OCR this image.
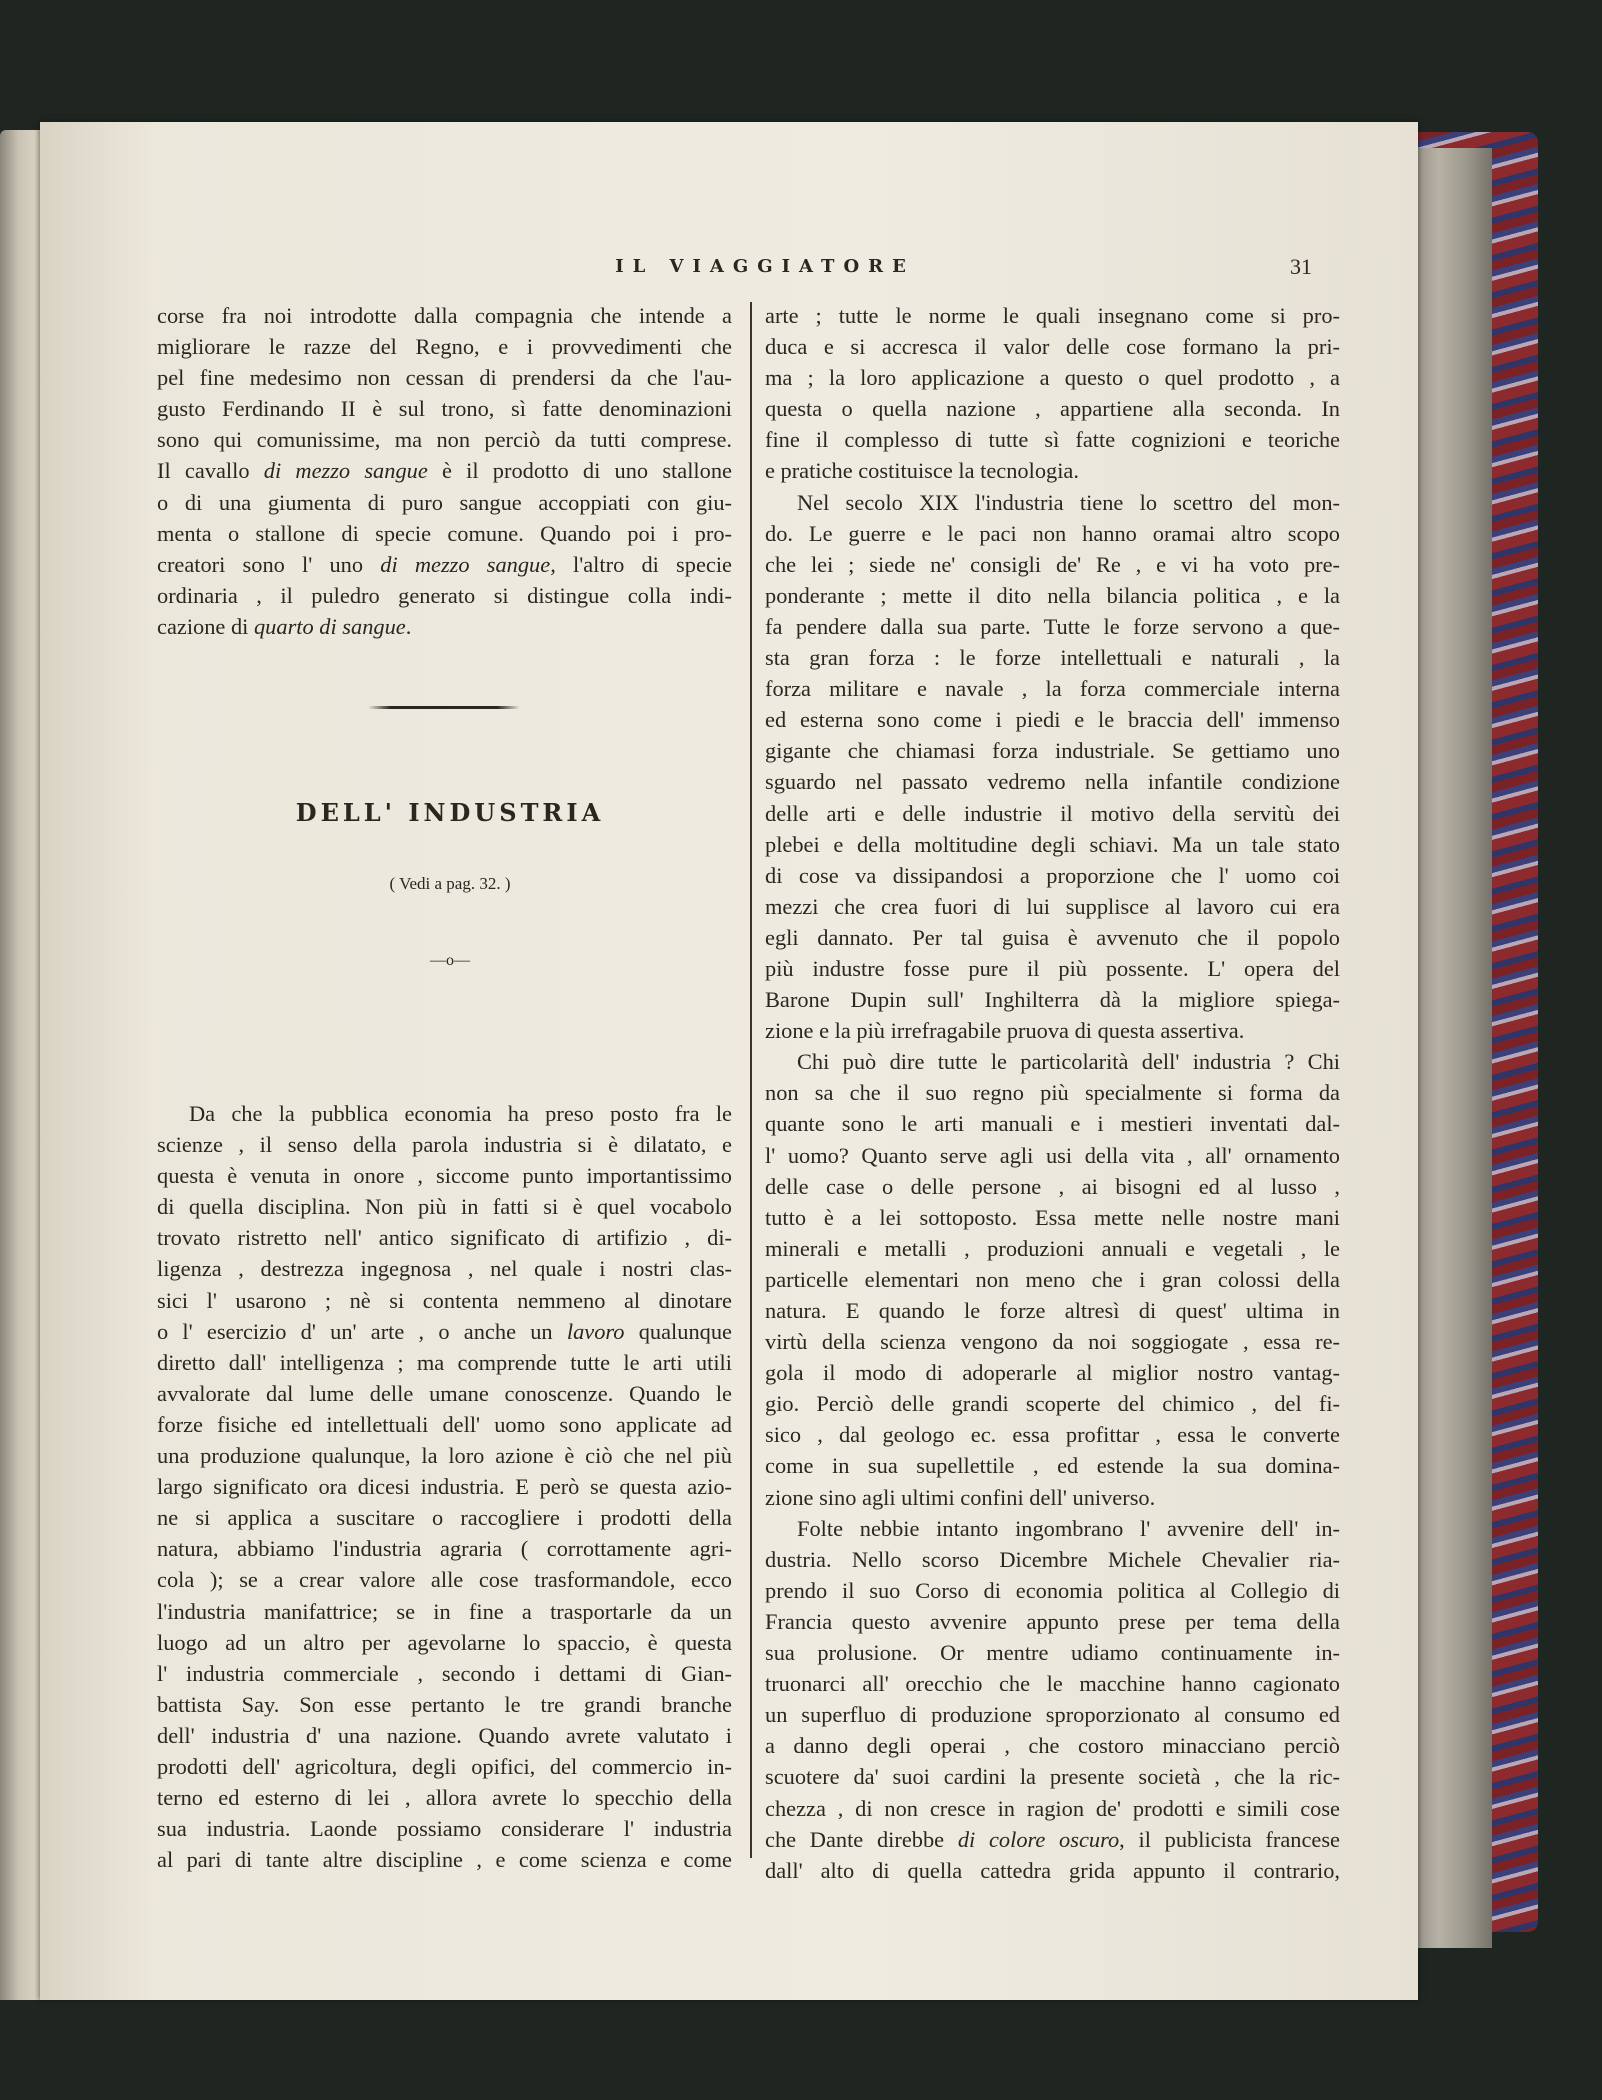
IL VIAGGIATORE	31

corse fra noi introdotte dalla compagnia che intende a
migliorare le razze del Regno, e i provvedimenti che
pel fine medesimo non cessan di prendersi da che l'au-
gusto Ferdinando II è sul trono, sì fatte denominazioni
sono qui comunissime, ma non perciò da tutti comprese.
Il cavallo di mezzo sangue è il prodotto di uno stallone
o di una giumenta di puro sangue accoppiati con giu-
menta o stallone di specie comune. Quando poi i pro-
creatori sono l' uno di mezzo sangue, l'altro di specie
ordinaria , il puledro generato si distingue colla indi-
cazione di quarto di sangue.

DELL' INDUSTRIA
( Vedi a pag. 32. )
—o—

Da che la pubblica economia ha preso posto fra le
scienze , il senso della parola industria si è dilatato, e
questa è venuta in onore , siccome punto importantissimo
di quella disciplina. Non più in fatti si è quel vocabolo
trovato ristretto nell' antico significato di artifizio , di-
ligenza , destrezza ingegnosa , nel quale i nostri clas-
sici l' usarono ; nè si contenta nemmeno al dinotare
o l' esercizio d' un' arte , o anche un lavoro qualunque
diretto dall' intelligenza ; ma comprende tutte le arti utili
avvalorate dal lume delle umane conoscenze. Quando le
forze fisiche ed intellettuali dell' uomo sono applicate ad
una produzione qualunque, la loro azione è ciò che nel più
largo significato ora dicesi industria. E però se questa azio-
ne si applica a suscitare o raccogliere i prodotti della
natura, abbiamo l'industria agraria ( corrottamente agri-
cola ); se a crear valore alle cose trasformandole, ecco
l'industria manifattrice; se in fine a trasportarle da un
luogo ad un altro per agevolarne lo spaccio, è questa
l' industria commerciale , secondo i dettami di Gian-
battista Say. Son esse pertanto le tre grandi branche
dell' industria d' una nazione. Quando avrete valutato i
prodotti dell' agricoltura, degli opifici, del commercio in-
terno ed esterno di lei , allora avrete lo specchio della
sua industria. Laonde possiamo considerare l' industria
al pari di tante altre discipline , e come scienza e come

arte ; tutte le norme le quali insegnano come si pro-
duca e si accresca il valor delle cose formano la pri-
ma ; la loro applicazione a questo o quel prodotto , a
questa o quella nazione , appartiene alla seconda. In
fine il complesso di tutte sì fatte cognizioni e teoriche
e pratiche costituisce la tecnologia.

Nel secolo XIX l'industria tiene lo scettro del mon-
do. Le guerre e le paci non hanno oramai altro scopo
che lei ; siede ne' consigli de' Re , e vi ha voto pre-
ponderante ; mette il dito nella bilancia politica , e la
fa pendere dalla sua parte. Tutte le forze servono a que-
sta gran forza : le forze intellettuali e naturali , la
forza militare e navale , la forza commerciale interna
ed esterna sono come i piedi e le braccia dell' immenso
gigante che chiamasi forza industriale. Se gettiamo uno
sguardo nel passato vedremo nella infantile condizione
delle arti e delle industrie il motivo della servitù dei
plebei e della moltitudine degli schiavi. Ma un tale stato
di cose va dissipandosi a proporzione che l' uomo coi
mezzi che crea fuori di lui supplisce al lavoro cui era
egli dannato. Per tal guisa è avvenuto che il popolo
più industre fosse pure il più possente. L' opera del
Barone Dupin sull' Inghilterra dà la migliore spiega-
zione e la più irrefragabile pruova di questa assertiva.

Chi può dire tutte le particolarità dell' industria ? Chi
non sa che il suo regno più specialmente si forma da
quante sono le arti manuali e i mestieri inventati dal-
l' uomo? Quanto serve agli usi della vita , all' ornamento
delle case o delle persone , ai bisogni ed al lusso ,
tutto è a lei sottoposto. Essa mette nelle nostre mani
minerali e metalli , produzioni annuali e vegetali , le
particelle elementari non meno che i gran colossi della
natura. E quando le forze altresì di quest' ultima in
virtù della scienza vengono da noi soggiogate , essa re-
gola il modo di adoperarle al miglior nostro vantag-
gio. Perciò delle grandi scoperte del chimico , del fi-
sico , dal geologo ec. essa profittar , essa le converte
come in sua supellettile , ed estende la sua domina-
zione sino agli ultimi confini dell' universo.

Folte nebbie intanto ingombrano l' avvenire dell' in-
dustria. Nello scorso Dicembre Michele Chevalier ria-
prendo il suo Corso di economia politica al Collegio di
Francia questo avvenire appunto prese per tema della
sua prolusione. Or mentre udiamo continuamente in-
truonarci all' orecchio che le macchine hanno cagionato
un superfluo di produzione sproporzionato al consumo ed
a danno degli operai , che costoro minacciano perciò
scuotere da' suoi cardini la presente società , che la ric-
chezza , di non cresce in ragion de' prodotti e simili cose
che Dante direbbe di colore oscuro, il publicista francese
dall' alto di quella cattedra grida appunto il contrario,
